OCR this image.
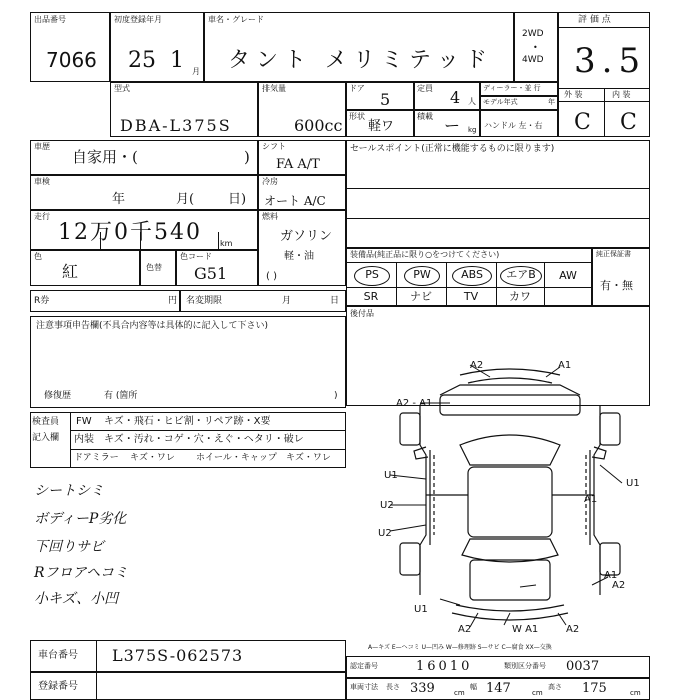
出品番号
7066
初度登録年月
25 1 月
車名・グレード
タント メリミテッド
2WD
•
4WD
評 価 点
3.5
外 装	内 装
C C
型式
DBA-L375S
排気量
600cc
ドア
5
定員 4 人
ディーラー・並 行
モデル年式	年
形状
軽ワ
積載 ー kg ハンドル 左・右
車歴
自家用・(	)
シフト
FA A/T
セールスポイント(正常に機能するものに限ります)
車検
年	月(	日)
冷房
オート A/C
走行
12万0千540 km
燃料
ガソリン
軽・油
( )
色
紅	色替
色コード
G51
装備品(純正品に限り○をつけてください)
PS	PW	ABS	エアB	AW
SR	ナビ	TV	カワ
純正保証書
有・無
後付品
R券	円 名変期限	月	日
注意事項申告欄(不具合内容等は具体的に記入して下さい)
修復歴	有 (箇所	)
検査員
記入欄
FW キズ・飛石・ヒビ割・リペア跡・X要
内装 キズ・汚れ・コゲ・穴・えぐ・ヘタリ・破レ
ドアミラー キズ・ワレ ホイール・キャップ キズ・ワレ
シートシミ
ボディーP劣化
下回りサビ
Rフロアヘコミ
小キズ、小凹
A2	A1
A2 - A1
A1
U1
U1
U2
U2
A1
A2
U1
A2	W A1	A2
A—キズ E—ヘコミ U—凹み W—修理跡 S—サビ C—腐食 XX—交換
車台番号 L375S-062573
登録番号
認定番号	16010	類別区分番号 0037
車両寸法 長さ 339	cm
幅 147	cm
高さ 175	cm
